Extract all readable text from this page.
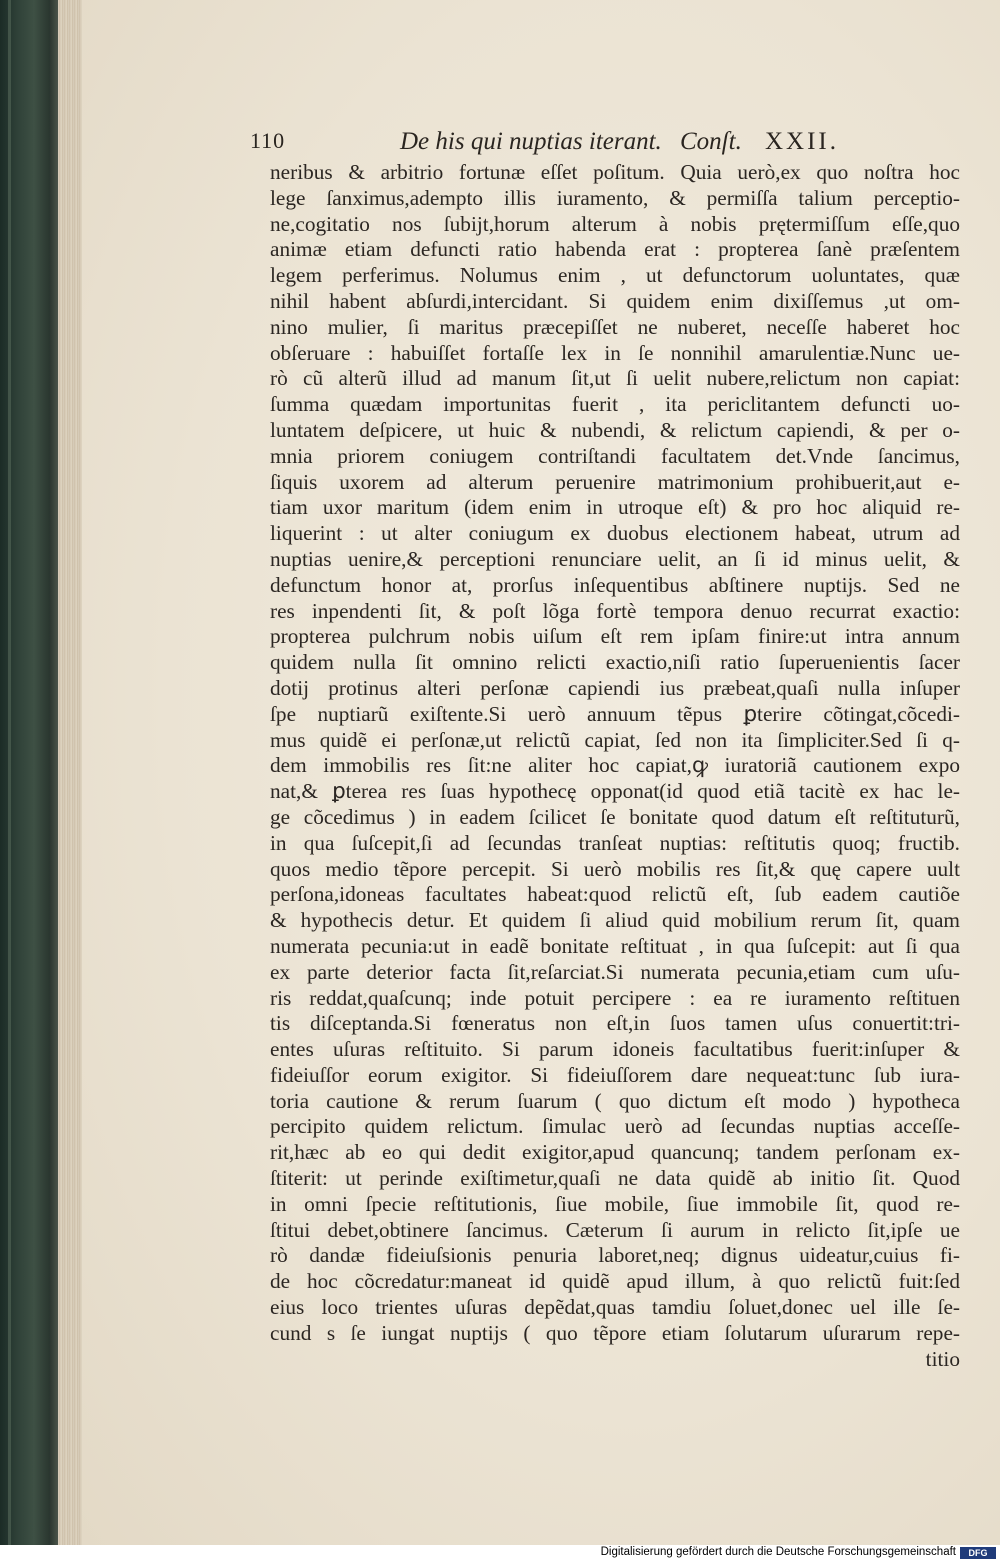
110	De his qui nuptias iterant. Conſt. XXII.
neribus & arbitrio fortunæ eſſet poſitum. Quia uerò,ex quo noſtra hoc
lege ſanximus,adempto illis iuramento, & permiſſa talium perceptio-
ne,cogitatio nos ſubijt,horum alterum à nobis prętermiſſum eſſe,quo
animæ etiam defuncti ratio habenda erat : propterea ſanè præſentem
legem perferimus. Nolumus enim , ut defunctorum uoluntates, quæ
nihil habent abſurdi,intercidant. Si quidem enim dixiſſemus ,ut om-
nino mulier, ſi maritus præcepiſſet ne nuberet, neceſſe haberet hoc
obſeruare : habuiſſet fortaſſe lex in ſe nonnihil amarulentiæ.Nunc ue-
rò cũ alterũ illud ad manum ſit,ut ſi uelit nubere,relictum non capiat:
ſumma quædam importunitas fuerit , ita periclitantem defuncti uo-
luntatem deſpicere, ut huic & nubendi, & relictum capiendi, & per o-
mnia priorem coniugem contriſtandi facultatem det.Vnde ſancimus,
ſiquis uxorem ad alterum peruenire matrimonium prohibuerit,aut e-
tiam uxor maritum (idem enim in utroque eſt) & pro hoc aliquid re-
liquerint : ut alter coniugum ex duobus electionem habeat, utrum ad
nuptias uenire,& perceptioni renunciare uelit, an ſi id minus uelit, &
defunctum honor at, prorſus inſequentibus abſtinere nuptijs. Sed ne
res inpendenti ſit, & poſt lõga fortè tempora denuo recurrat exactio:
propterea pulchrum nobis uiſum eſt rem ipſam finire:ut intra annum
quidem nulla ſit omnino relicti exactio,niſi ratio ſuperuenientis ſacer
dotij protinus alteri perſonæ capiendi ius præbeat,quaſi nulla inſuper
ſpe nuptiarũ exiſtente.Si uerò annuum tẽpus ꝑterire cõtingat,cõcedi-
mus quidẽ ei perſonæ,ut relictũ capiat, ſed non ita ſimpliciter.Sed ſi q-
dem immobilis res ſit:ne aliter hoc capiat,ꝙ iuratoriã cautionem expo
nat,& ꝑterea res ſuas hypothecę opponat(id quod etiã tacitè ex hac le-
ge cõcedimus ) in eadem ſcilicet ſe bonitate quod datum eſt reſtituturũ,
in qua ſuſcepit,ſi ad ſecundas tranſeat nuptias: reſtitutis quoq; fructib.
quos medio tẽpore percepit. Si uerò mobilis res ſit,& quę capere uult
perſona,idoneas facultates habeat:quod relictũ eſt, ſub eadem cautiõe
& hypothecis detur. Et quidem ſi aliud quid mobilium rerum ſit, quam
numerata pecunia:ut in eadẽ bonitate reſtituat , in qua ſuſcepit: aut ſi qua
ex parte deterior facta ſit,reſarciat.Si numerata pecunia,etiam cum uſu-
ris reddat,quaſcunq; inde potuit percipere : ea re iuramento reſtituen
tis diſceptanda.Si fœneratus non eſt,in ſuos tamen uſus conuertit:tri-
entes uſuras reſtituito. Si parum idoneis facultatibus fuerit:inſuper &
fideiuſſor eorum exigitor. Si fideiuſſorem dare nequeat:tunc ſub iura-
toria cautione & rerum ſuarum ( quo dictum eſt modo ) hypotheca
percipito quidem relictum. ſimulac uerò ad ſecundas nuptias acceſſe-
rit,hæc ab eo qui dedit exigitor,apud quancunq; tandem perſonam ex-
ſtiterit: ut perinde exiſtimetur,quaſi ne data quidẽ ab initio ſit. Quod
in omni ſpecie reſtitutionis, ſiue mobile, ſiue immobile ſit, quod re-
ſtitui debet,obtinere ſancimus. Cæterum ſi aurum in relicto ſit,ipſe ue
rò dandæ fideiuſsionis penuria laboret,neq; dignus uideatur,cuius fi-
de hoc cõcredatur:maneat id quidẽ apud illum, à quo relictũ fuit:ſed
eius loco trientes uſuras depẽdat,quas tamdiu ſoluet,donec uel ille ſe-
cund s ſe iungat nuptijs ( quo tẽpore etiam ſolutarum uſurarum repe-
titio
Digitalisierung gefördert durch die Deutsche Forschungsgemeinschaft	DFG
